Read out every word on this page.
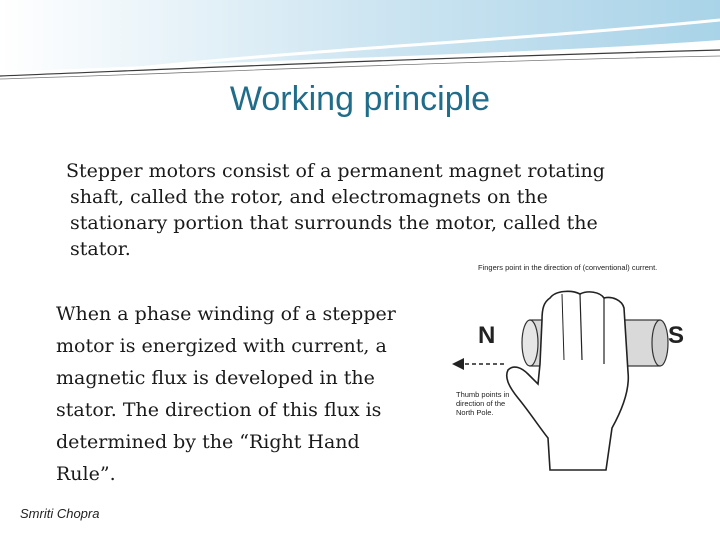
Working principle
Stepper motors consist of a permanent magnet rotating
shaft, called the rotor, and electromagnets on the
stationary portion that surrounds the motor, called the
stator.
When a phase winding of a stepper
motor is energized with current, a
magnetic flux is developed in the
stator. The direction of this flux is
determined by the “Right Hand
Rule”.
Fingers point in the direction of (conventional) current.
N	S
Thumb points in
direction of the
North Pole.
Smriti Chopra
